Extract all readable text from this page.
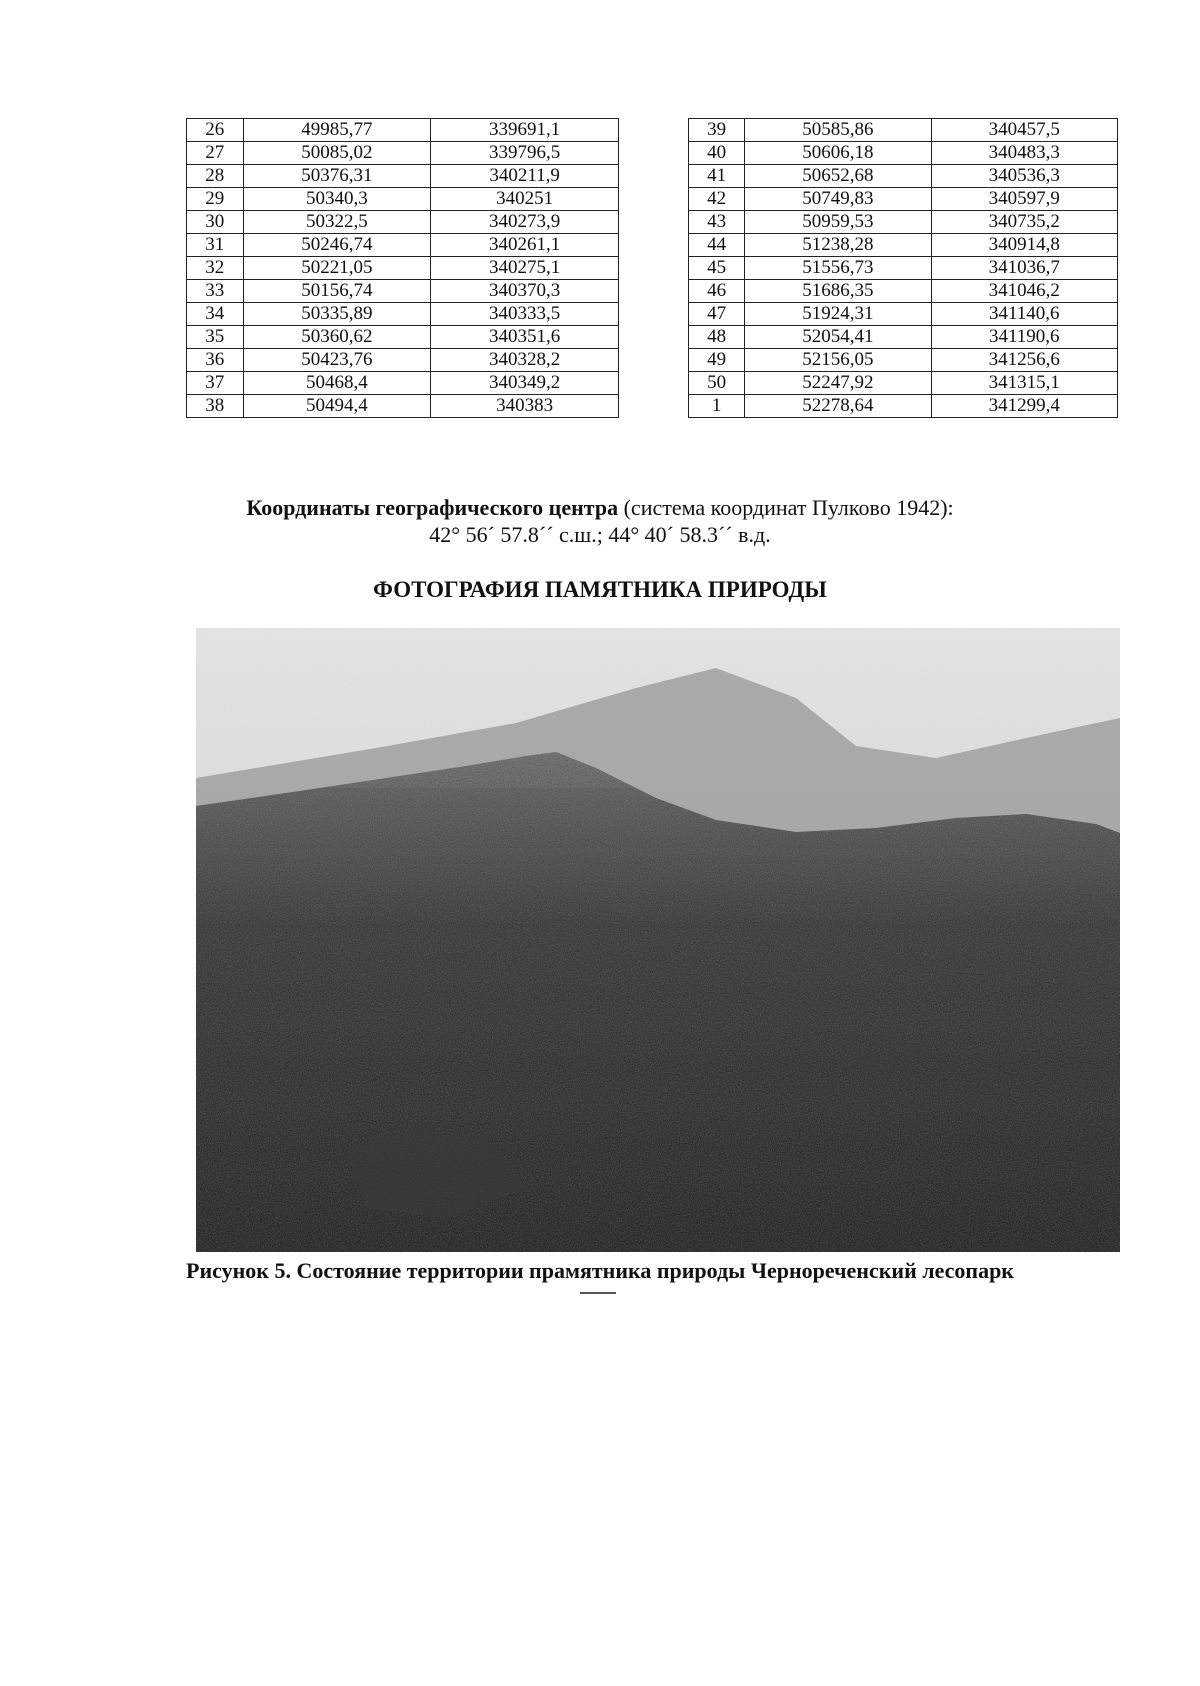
26	49985,77	339691,1
27	50085,02	339796,5
28	50376,31	340211,9
29	50340,3	340251
30	50322,5	340273,9
31	50246,74	340261,1
32	50221,05	340275,1
33	50156,74	340370,3
34	50335,89	340333,5
35	50360,62	340351,6
36	50423,76	340328,2
37	50468,4	340349,2
38	50494,4	340383
39	50585,86	340457,5
40	50606,18	340483,3
41	50652,68	340536,3
42	50749,83	340597,9
43	50959,53	340735,2
44	51238,28	340914,8
45	51556,73	341036,7
46	51686,35	341046,2
47	51924,31	341140,6
48	52054,41	341190,6
49	52156,05	341256,6
50	52247,92	341315,1
1	52278,64	341299,4
Координаты географического центра (система координат Пулково 1942):
42° 56´ 57.8´´ с.ш.; 44° 40´ 58.3´´ в.д.
ФОТОГРАФИЯ ПАМЯТНИКА ПРИРОДЫ
Рисунок 5. Состояние территории прамятника природы Чернореченский лесопарк
